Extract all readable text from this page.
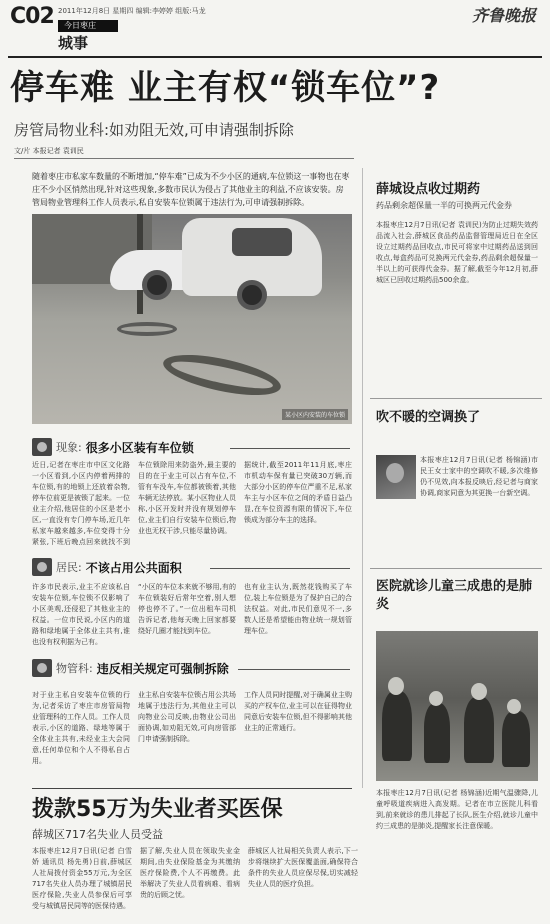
C02 2011年12月8日 星期四 编辑:李婷婷 组版:马龙
今日枣庄
城事
齐鲁晚报
停车难 业主有权“锁车位”?
房管局物业科:如劝阻无效,可申请强制拆除
文/片 本报记者 袁训民

随着枣庄市私家车数量的不断增加,“停车难”已成为不少小区的通病,车位锁这一事物也在枣庄不少小区悄然出现,针对这些现象,多数市民认为侵占了其他业主的利益,不应该安装。房管局物业管理科工作人员表示,私自安装车位锁属于违法行为,可申请强制拆除。

某小区内安装的车位锁
现象: 很多小区装有车位锁

近日,记者在枣庄市中区文化路一小区看到,小区内停着两排的车位锁,有的地锁上还放着杂物,停车位前更是被锁了起来。一位业主介绍,他居住的小区是老小区,一直没有专门停车场,近几年私家车越来越多,车位变得十分紧张,下班后晚点回来就找不到

车位锁除用来防盗外,最主要的目的在于业主可以占有车位,不管有车没车,车位都被锁着,其他车辆无法停放。某小区物业人员称,小区开发时并没有规划停车位,业主们自行安装车位锁后,物业也无权干涉,只能尽量协调。

据统计,截至2011年11月底,枣庄市机动车保有量已突破30万辆,而大部分小区的停车位严重不足,私家车主与小区车位之间的矛盾日益凸显,在车位资源有限的情况下,车位锁成为部分车主的选择。

居民: 不该占用公共面积

许多市民表示,业主不应该私自安装车位锁,车位锁不仅影响了小区美观,还侵犯了其他业主的权益。一位市民说,小区内的道路和绿地属于全体业主共有,谁也没有权利据为己有。

“小区的车位本来就不够用,有的车位锁装好后常年空着,别人想停也停不了。”一位出租车司机告诉记者,他每天晚上回家都要绕好几圈才能找到车位。

也有业主认为,既然花钱购买了车位,装上车位锁是为了保护自己的合法权益。对此,市民们意见不一,多数人还是希望能由物业统一规划管理车位。

物管科: 违反相关规定可强制拆除

对于业主私自安装车位锁的行为,记者采访了枣庄市房管局物业管理科的工作人员。工作人员表示,小区的道路、绿地等属于全体业主共有,未经业主大会同意,任何单位和个人不得私自占用。

业主私自安装车位锁占用公共场地属于违法行为,其他业主可以向物业公司反映,由物业公司出面协调,如劝阻无效,可向房管部门申请强制拆除。

工作人员同时提醒,对于确属业主购买的产权车位,业主可以在征得物业同意后安装车位锁,但不得影响其他业主的正常通行。

薛城设点收过期药
药品剩余超保量一半的可换两元代金券

本报枣庄12月7日讯(记者 袁训民)为防止过期失效药品流入社会,薛城区食品药品监督管理局近日在全区设立过期药品回收点,市民可将家中过期药品送到回收点,每盒药品可兑换两元代金券,药品剩余超保量一半以上的可获得代金券。据了解,截至今年12月初,薛城区已回收过期药品500余盒。

吹不暖的空调换了

本报枣庄12月7日讯(记者 杨锦涵)市民王女士家中的空调吹不暖,多次维修仍不见效,向本报反映后,经记者与商家协调,商家同意为其更换一台新空调。

医院就诊儿童三成患的是肺炎

本报枣庄12月7日讯(记者 杨锦涵)近期气温骤降,儿童呼吸道疾病进入高发期。记者在市立医院儿科看到,前来就诊的患儿排起了长队,医生介绍,就诊儿童中约三成患的是肺炎,提醒家长注意保暖。

拨款55万为失业者买医保
薛城区717名失业人员受益

本报枣庄12月7日讯(记者 白雪娇 通讯员 杨先勇)日前,薛城区人社局拨付资金55万元,为全区717名失业人员办理了城镇居民医疗保险,失业人员参保后可享受与城镇居民同等的医保待遇。

据了解,失业人员在领取失业金期间,由失业保险基金为其缴纳医疗保险费,个人不再缴费。此举解决了失业人员看病难、看病贵的后顾之忧。

薛城区人社局相关负责人表示,下一步将继续扩大医保覆盖面,确保符合条件的失业人员应保尽保,切实减轻失业人员的医疗负担。
